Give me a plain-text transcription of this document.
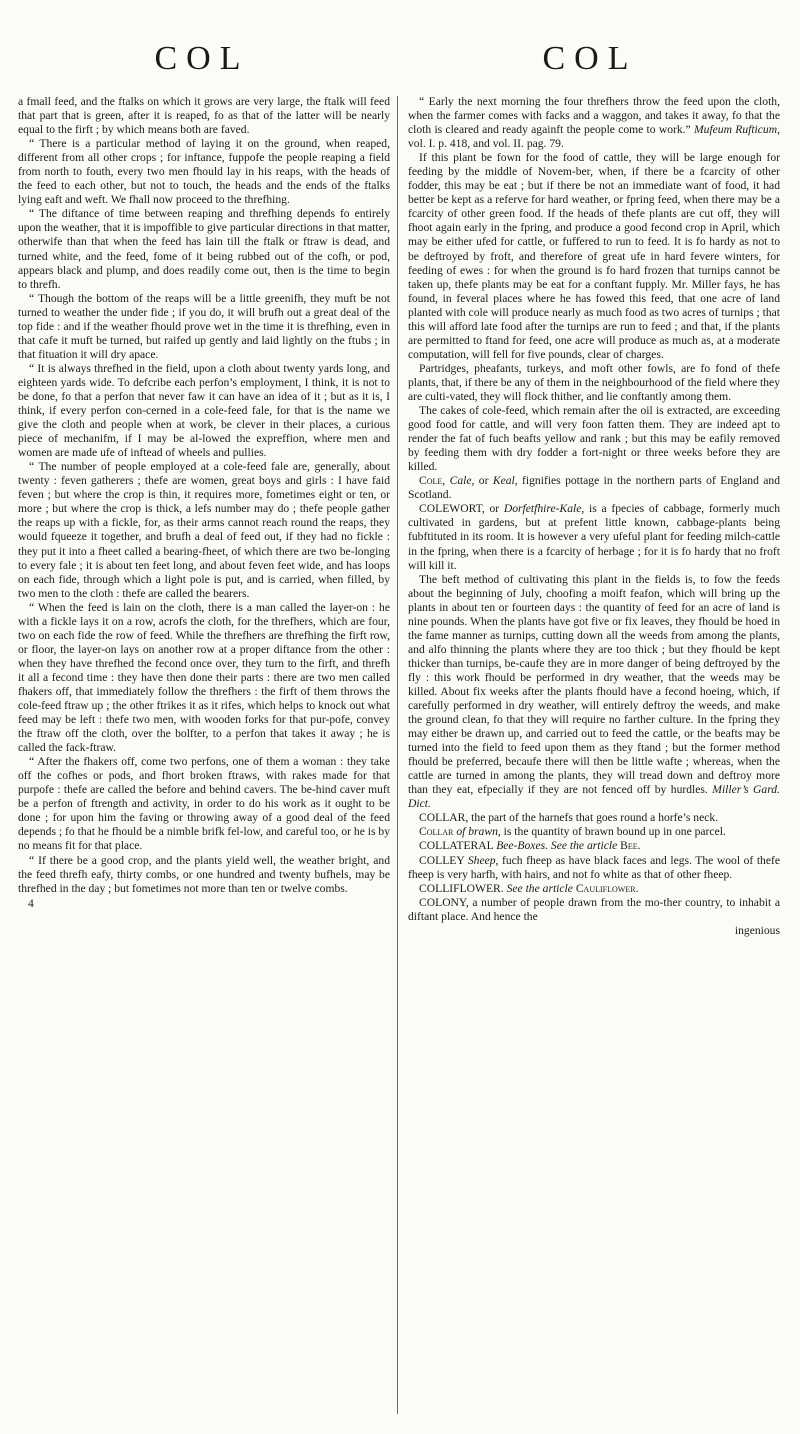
COL	COL

a fmall feed, and the ftalks on which it grows are very large, the ftalk will feed that part that is green, after it is reaped, fo as that of the latter will be nearly equal to the firft ; by which means both are faved.

“ There is a particular method of laying it on the ground, when reaped, different from all other crops ; for inftance, fuppofe the people reaping a field from north to fouth, every two men fhould lay in his reaps, with the heads of the feed to each other, but not to touch, the heads and the ends of the ftalks lying eaft and weft. We fhall now proceed to the threfhing.

“ The diftance of time between reaping and threfhing depends fo entirely upon the weather, that it is impoffible to give particular directions in that matter, otherwife than that when the feed has lain till the ftalk or ftraw is dead, and turned white, and the feed, fome of it being rubbed out of the cofh, or pod, appears black and plump, and does readily come out, then is the time to begin to threfh.

“ Though the bottom of the reaps will be a little greenifh, they muft be not turned to weather the under fide ; if you do, it will brufh out a great deal of the top fide : and if the weather fhould prove wet in the time it is threfhing, even in that cafe it muft be turned, but raifed up gently and laid lightly on the ftubs ; in that fituation it will dry apace.

“ It is always threfhed in the field, upon a cloth about twenty yards long, and eighteen yards wide. To defcribe each perfon’s employment, I think, it is not to be done, fo that a perfon that never faw it can have an idea of it ; but as it is, I think, if every perfon con-cerned in a cole-feed fale, for that is the name we give the cloth and people when at work, be clever in their places, a curious piece of mechanifm, if I may be al-lowed the expreffion, where men and women are made ufe of inftead of wheels and pullies.

“ The number of people employed at a cole-feed fale are, generally, about twenty : feven gatherers ; thefe are women, great boys and girls : I have faid feven ; but where the crop is thin, it requires more, fometimes eight or ten, or more ; but where the crop is thick, a lefs number may do ; thefe people gather the reaps up with a fickle, for, as their arms cannot reach round the reaps, they would fqueeze it together, and brufh a deal of feed out, if they had no fickle : they put it into a fheet called a bearing-fheet, of which there are two be-longing to every fale ; it is about ten feet long, and about feven feet wide, and has loops on each fide, through which a light pole is put, and is carried, when filled, by two men to the cloth : thefe are called the bearers.

“ When the feed is lain on the cloth, there is a man called the layer-on : he with a fickle lays it on a row, acrofs the cloth, for the threfhers, which are four, two on each fide the row of feed. While the threfhers are threfhing the firft row, or floor, the layer-on lays on another row at a proper diftance from the other : when they have threfhed the fecond once over, they turn to the firft, and threfh it all a fecond time : they have then done their parts : there are two men called fhakers off, that immediately follow the threfhers : the firft of them throws the cole-feed ftraw up ; the other ftrikes it as it rifes, which helps to knock out what feed may be left : thefe two men, with wooden forks for that pur-pofe, convey the ftraw off the cloth, over the bolfter, to a perfon that takes it away ; he is called the fack-ftraw.

“ After the fhakers off, come two perfons, one of them a woman : they take off the cofhes or pods, and fhort broken ftraws, with rakes made for that purpofe : thefe are called the before and behind cavers. The be-hind caver muft be a perfon of ftrength and activity, in order to do his work as it ought to be done ; for upon him the faving or throwing away of a good deal of the feed depends ; fo that he fhould be a nimble brifk fel-low, and careful too, or he is by no means fit for that place.

“ If there be a good crop, and the plants yield well, the weather bright, and the feed threfh eafy, thirty combs, or one hundred and twenty bufhels, may be threfhed in the day ; but fometimes not more than ten or twelve combs.

4

“ Early the next morning the four threfhers throw the feed upon the cloth, when the farmer comes with facks and a waggon, and takes it away, fo that the cloth is cleared and ready againft the people come to work.” Mufeum Rufticum, vol. I. p. 418, and vol. II. pag. 79.

If this plant be fown for the food of cattle, they will be large enough for feeding by the middle of Novem-ber, when, if there be a fcarcity of other fodder, this may be eat ; but if there be not an immediate want of food, it had better be kept as a referve for hard weather, or fpring feed, when there may be a fcarcity of other green food. If the heads of thefe plants are cut off, they will fhoot again early in the fpring, and produce a good fecond crop in April, which may be either ufed for cattle, or fuffered to run to feed. It is fo hardy as not to be deftroyed by froft, and therefore of great ufe in hard fevere winters, for feeding of ewes : for when the ground is fo hard frozen that turnips cannot be taken up, thefe plants may be eat for a conftant fupply. Mr. Miller fays, he has found, in feveral places where he has fowed this feed, that one acre of land planted with cole will produce nearly as much food as two acres of turnips ; that this will afford late food after the turnips are run to feed ; and that, if the plants are permitted to ftand for feed, one acre will produce as much as, at a moderate computation, will fell for five pounds, clear of charges.

Partridges, pheafants, turkeys, and moft other fowls, are fo fond of thefe plants, that, if there be any of them in the neighbourhood of the field where they are culti-vated, they will flock thither, and lie conftantly among them.

The cakes of cole-feed, which remain after the oil is extracted, are exceeding good food for cattle, and will very foon fatten them. They are indeed apt to render the fat of fuch beafts yellow and rank ; but this may be eafily removed by feeding them with dry fodder a fort-night or three weeks before they are killed.

Cole, Cale, or Keal, fignifies pottage in the northern parts of England and Scotland.

COLEWORT, or Dorfetfhire-Kale, is a fpecies of cabbage, formerly much cultivated in gardens, but at prefent little known, cabbage-plants being fubftituted in its room. It is however a very ufeful plant for feeding milch-cattle in the fpring, when there is a fcarcity of herbage ; for it is fo hardy that no froft will kill it.

The beft method of cultivating this plant in the fields is, to fow the feeds about the beginning of July, choofing a moift feafon, which will bring up the plants in about ten or fourteen days : the quantity of feed for an acre of land is nine pounds. When the plants have got five or fix leaves, they fhould be hoed in the fame manner as turnips, cutting down all the weeds from among the plants, and alfo thinning the plants where they are too thick ; but they fhould be kept thicker than turnips, be-caufe they are in more danger of being deftroyed by the fly : this work fhould be performed in dry weather, that the weeds may be killed. About fix weeks after the plants fhould have a fecond hoeing, which, if carefully performed in dry weather, will entirely deftroy the weeds, and make the ground clean, fo that they will require no farther culture. In the fpring they may either be drawn up, and carried out to feed the cattle, or the beafts may be turned into the field to feed upon them as they ftand ; but the former method fhould be preferred, becaufe there will then be little wafte ; whereas, when the cattle are turned in among the plants, they will tread down and deftroy more than they eat, efpecially if they are not fenced off by hurdles. Miller’s Gard. Dict.

COLLAR, the part of the harnefs that goes round a horfe’s neck.

Collar of brawn, is the quantity of brawn bound up in one parcel.

COLLATERAL Bee-Boxes. See the article Bee.

COLLEY Sheep, fuch fheep as have black faces and legs. The wool of thefe fheep is very harfh, with hairs, and not fo white as that of other fheep.

COLLIFLOWER. See the article Cauliflower.

COLONY, a number of people drawn from the mo-ther country, to inhabit a diftant place. And hence the

ingenious
